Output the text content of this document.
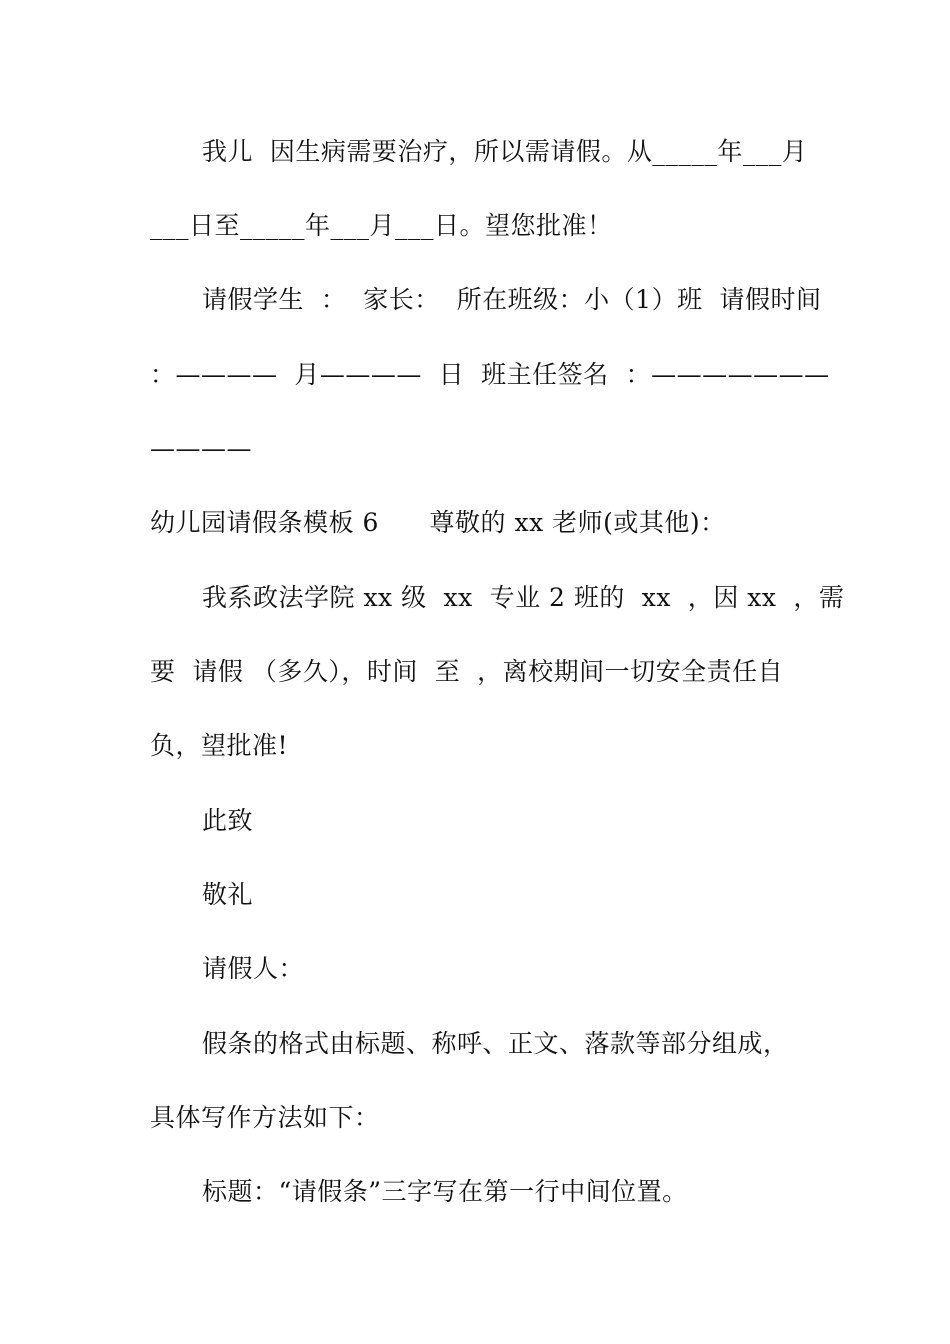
我儿  因生病需要治疗，所以需请假。从_____年___月
___日至_____年___月___日。望您批准！
请假学生  ：  家长：  所在班级：小（1）班  请假时间
：————  月————  日  班主任签名  ：———————
————
幼儿园请假条模板 6      尊敬的 xx 老师(或其他)：
我系政法学院 xx 级  xx  专业 2 班的  xx  ，因 xx  ，需
要  请假 （多久），时间  至  ，离校期间一切安全责任自
负，望批准!
此致
敬礼
请假人：
假条的格式由标题、称呼、正文、落款等部分组成，
具体写作方法如下：
标题：“请假条”三字写在第一行中间位置。
